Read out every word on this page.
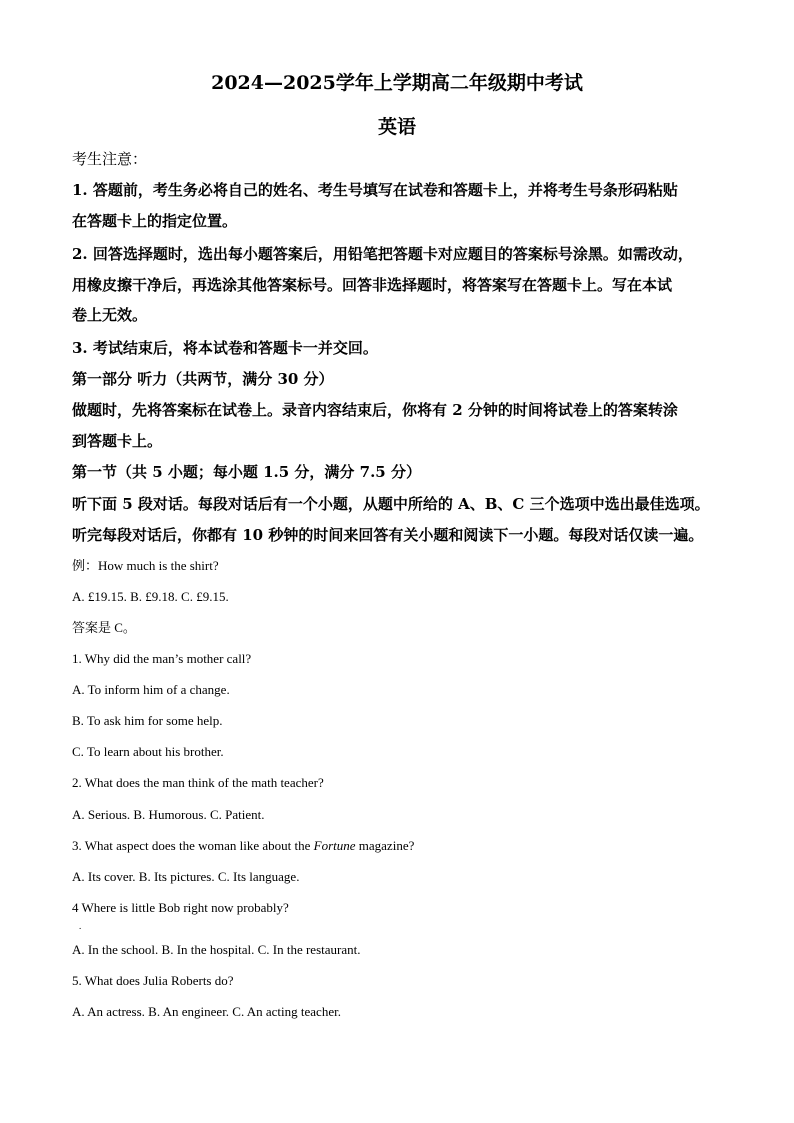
2024—2025学年上学期高二年级期中考试
英语

考生注意：

1. 答题前，考生务必将自己的姓名、考生号填写在试卷和答题卡上，并将考生号条形码粘贴

在答题卡上的指定位置。

2. 回答选择题时，选出每小题答案后，用铅笔把答题卡对应题目的答案标号涂黑。如需改动，

用橡皮擦干净后，再选涂其他答案标号。回答非选择题时，将答案写在答题卡上。写在本试

卷上无效。

3. 考试结束后，将本试卷和答题卡一并交回。

第一部分 听力（共两节，满分 30 分）

做题时，先将答案标在试卷上。录音内容结束后，你将有 2 分钟的时间将试卷上的答案转涂

到答题卡上。

第一节（共 5 小题；每小题 1.5 分，满分 7.5 分）

听下面 5 段对话。每段对话后有一个小题，从题中所给的 A、B、C 三个选项中选出最佳选项。

听完每段对话后，你都有 10 秒钟的时间来回答有关小题和阅读下一小题。每段对话仅读一遍。

例：How much is the shirt?

A. £19.15. B. £9.18. C. £9.15.

答案是 C。

1. Why did the man’s mother call?

A. To inform him of a change.

B. To ask him for some help.

C. To learn about his brother.

2. What does the man think of the math teacher?

A. Serious. B. Humorous. C. Patient.

3. What aspect does the woman like about the Fortune magazine?

A. Its cover. B. Its pictures. C. Its language.

4 Where is little Bob right now probably?

.

A. In the school. B. In the hospital. C. In the restaurant.

5. What does Julia Roberts do?

A. An actress. B. An engineer. C. An acting teacher.
